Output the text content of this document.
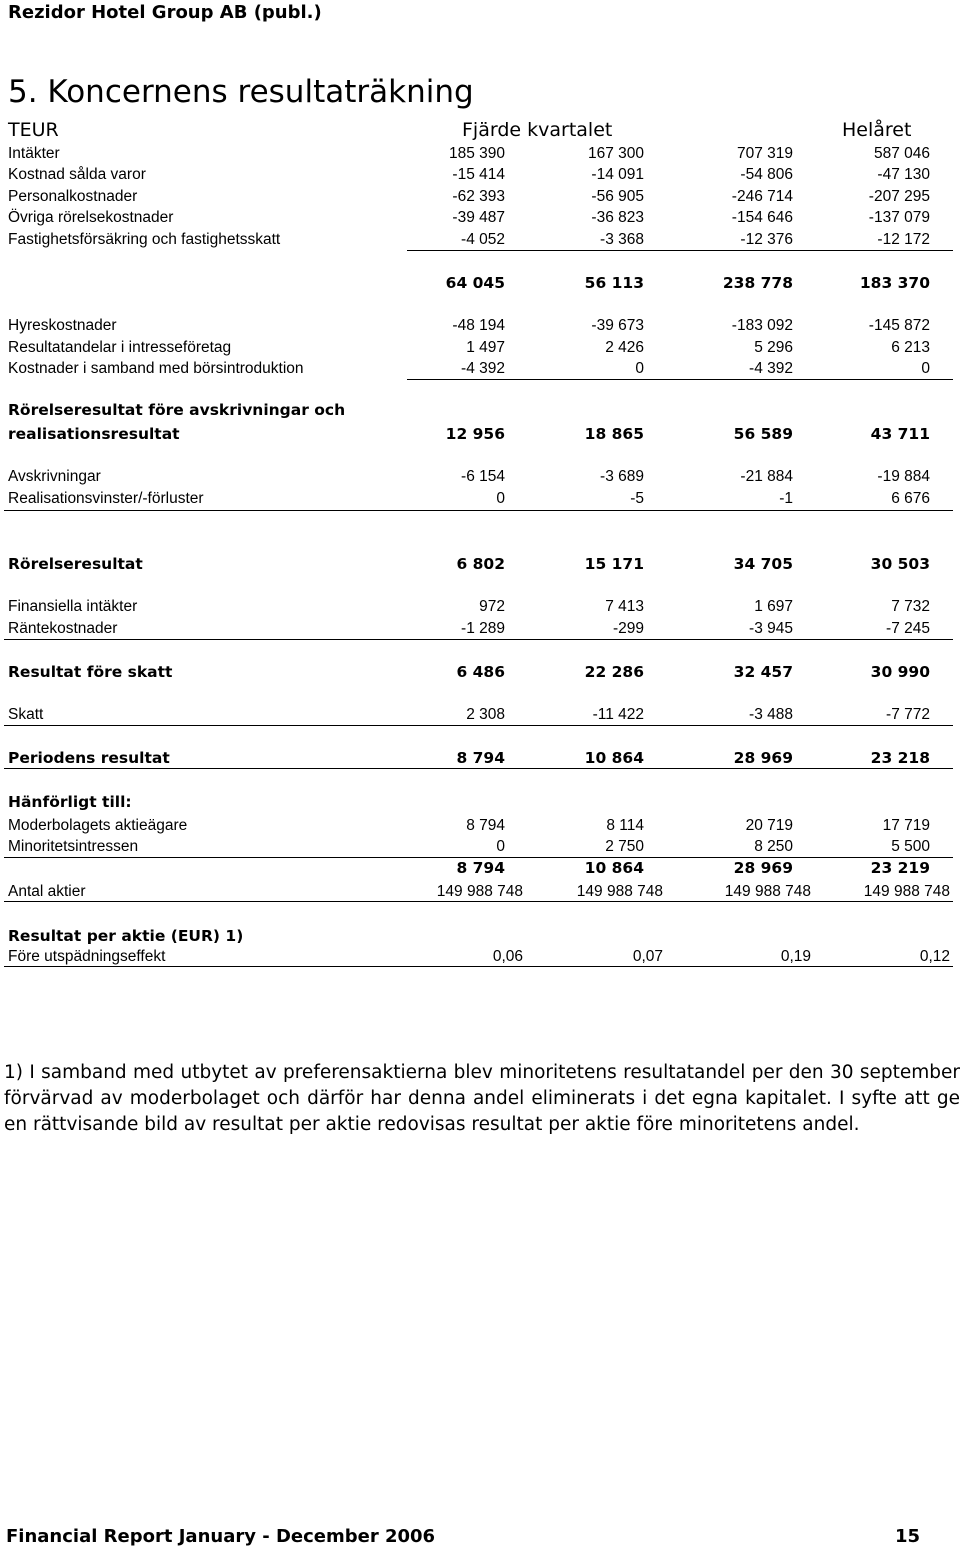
Rezidor Hotel Group AB (publ.)
5. Koncernens resultaträkning
TEUR	Fjärde kvartalet	Helåret
Intäkter	185 390	167 300	707 319	587 046
Kostnad sålda varor	-15 414	-14 091	-54 806	-47 130
Personalkostnader	-62 393	-56 905	-246 714	-207 295
Övriga rörelsekostnader	-39 487	-36 823	-154 646	-137 079
Fastighetsförsäkring och fastighetsskatt	-4 052	-3 368	-12 376	-12 172
64 045	56 113	238 778	183 370
Hyreskostnader	-48 194	-39 673	-183 092	-145 872
Resultatandelar i intresseföretag	1 497	2 426	5 296	6 213
Kostnader i samband med börsintroduktion	-4 392	0	-4 392	0
Rörelseresultat före avskrivningar och
realisationsresultat	12 956	18 865	56 589	43 711
Avskrivningar	-6 154	-3 689	-21 884	-19 884
Realisationsvinster/-förluster	0	-5	-1	6 676
Rörelseresultat	6 802	15 171	34 705	30 503
Finansiella intäkter	972	7 413	1 697	7 732
Räntekostnader	-1 289	-299	-3 945	-7 245
Resultat före skatt	6 486	22 286	32 457	30 990
Skatt	2 308	-11 422	-3 488	-7 772
Periodens resultat	8 794	10 864	28 969	23 218
Hänförligt till:
Moderbolagets aktieägare	8 794	8 114	20 719	17 719
Minoritetsintressen	0	2 750	8 250	5 500
8 794	10 864	28 969	23 219
Antal aktier	149 988 748	149 988 748	149 988 748	149 988 748
Resultat per aktie (EUR) 1)
Före utspädningseffekt	0,06	0,07	0,19	0,12
1) I samband med utbytet av preferensaktierna blev minoritetens resultatandel per den 30 september förvärvad av moderbolaget och därför har denna andel eliminerats i det egna kapitalet. I syfte att ge en rättvisande bild av resultat per aktie redovisas resultat per aktie före minoritetens andel.
Financial Report January - December 2006	15
